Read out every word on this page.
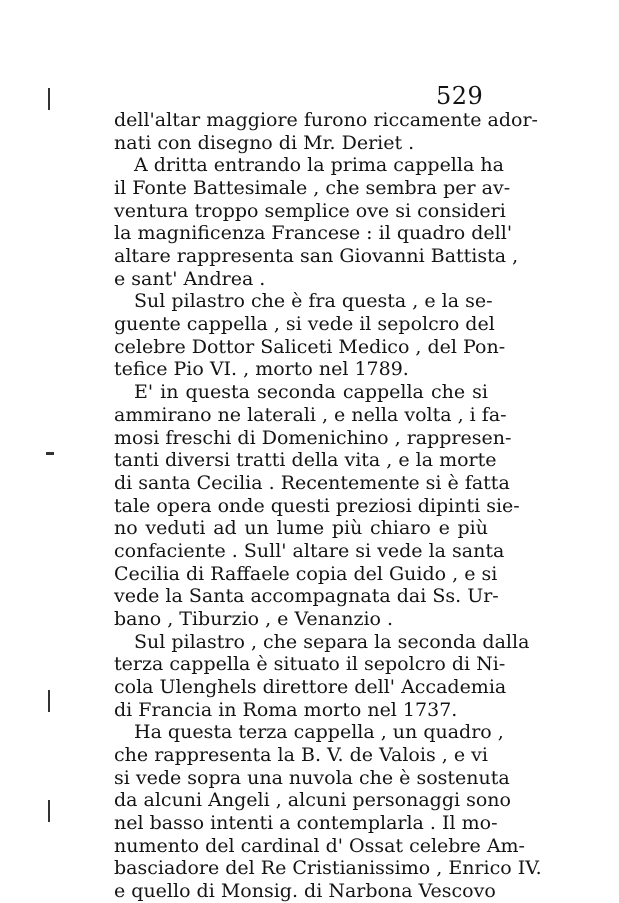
529
dell'altar maggiore furono riccamente ador-
nati con disegno di Mr. Deriet .
A dritta entrando la prima cappella ha
il Fonte Battesimale , che sembra per av-
ventura troppo semplice ove si consideri
la magnificenza Francese : il quadro dell'
altare rappresenta san Giovanni Battista ,
e sant' Andrea .
Sul pilastro che è fra questa , e la se-
guente cappella , si vede il sepolcro del
celebre Dottor Saliceti Medico , del Pon-
tefice Pio VI. , morto nel 1789.
E' in questa seconda cappella che si
ammirano ne laterali , e nella volta , i fa-
mosi freschi di Domenichino , rappresen-
tanti diversi tratti della vita , e la morte
di santa Cecilia . Recentemente si è fatta
tale opera onde questi preziosi dipinti sie-
no veduti ad un lume più chiaro e più
confaciente . Sull' altare si vede la santa
Cecilia di Raffaele copia del Guido , e si
vede la Santa accompagnata dai Ss. Ur-
bano , Tiburzio , e Venanzio .
Sul pilastro , che separa la seconda dalla
terza cappella è situato il sepolcro di Ni-
cola Ulenghels direttore dell' Accademia
di Francia in Roma morto nel 1737.
Ha questa terza cappella , un quadro ,
che rappresenta la B. V. de Valois , e vi
si vede sopra una nuvola che è sostenuta
da alcuni Angeli , alcuni personaggi sono
nel basso intenti a contemplarla . Il mo-
numento del cardinal d' Ossat celebre Am-
basciadore del Re Cristianissimo , Enrico IV.
e quello di Monsig. di Narbona Vescovo
